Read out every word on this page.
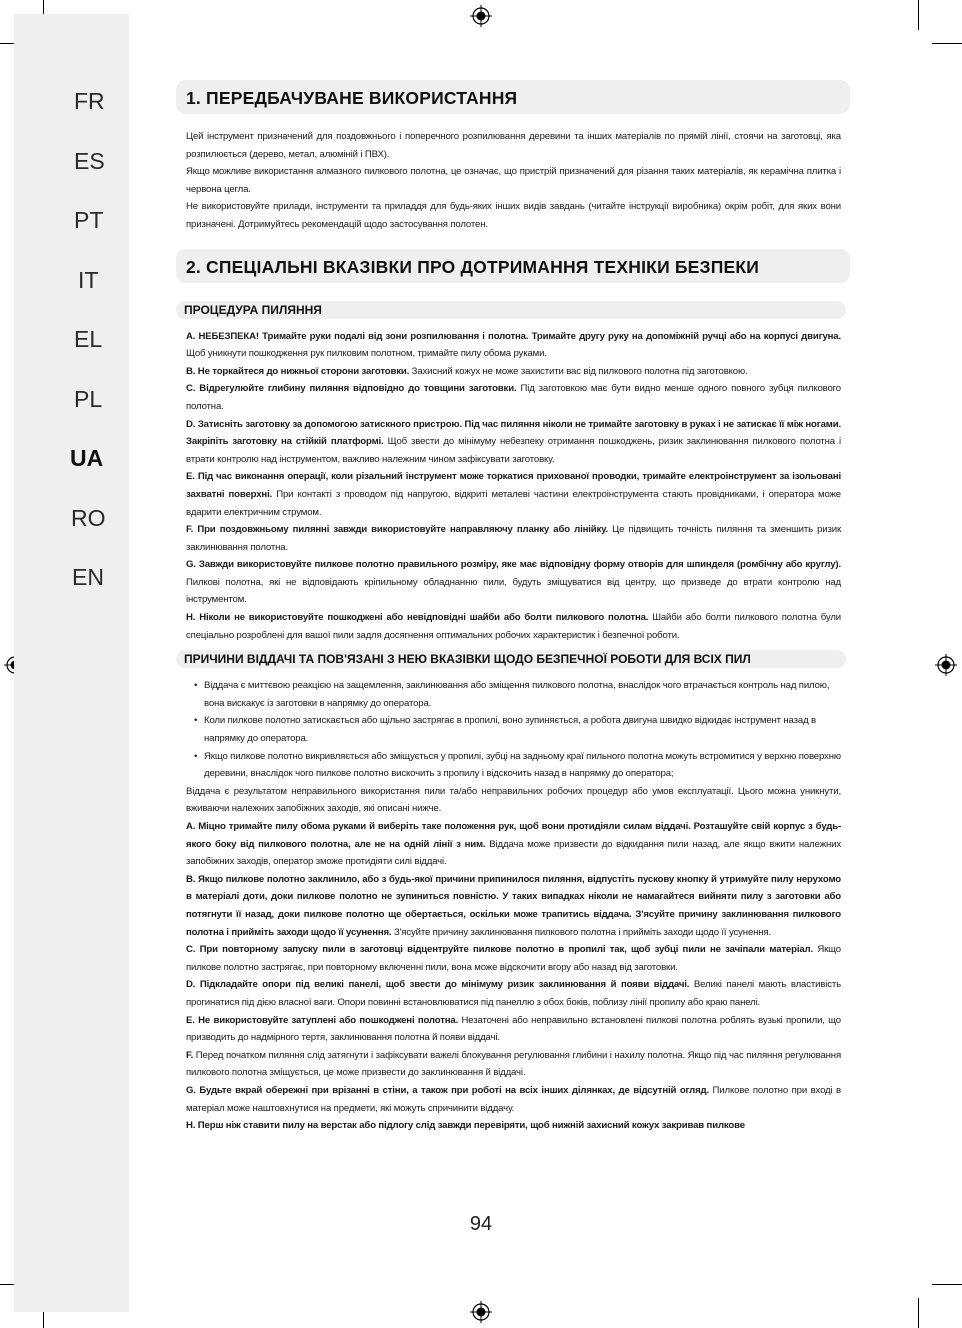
FR
ES
PT
IT
EL
PL
UA
RO
EN
1. ПЕРЕДБАЧУВАНЕ ВИКОРИСТАННЯ
Цей інструмент призначений для поздовжнього і поперечного розпилювання деревини та інших матеріалів по прямій лінії, стоячи на заготовці, яка розпилюється (дерево, метал, алюміній і ПВХ).
Якщо можливе використання алмазного пилкового полотна, це означає, що пристрій призначений для різання таких матеріалів, як керамічна плитка і червона цегла.
Не використовуйте прилади, інструменти та приладдя для будь-яких інших видів завдань (читайте інструкції виробника) окрім робіт, для яких вони призначені. Дотримуйтесь рекомендацій щодо застосування полотен.
2. СПЕЦІАЛЬНІ ВКАЗІВКИ ПРО ДОТРИМАННЯ ТЕХНІКИ БЕЗПЕКИ
ПРОЦЕДУРА ПИЛЯННЯ
A. НЕБЕЗПЕКА! Тримайте руки подалі від зони розпилювання і полотна. Тримайте другу руку на допоміжній ручці або на корпусі двигуна. Щоб уникнути пошкодження рук пилковим полотном, тримайте пилу обома руками.
B. Не торкайтеся до нижньої сторони заготовки. Захисний кожух не може захистити вас від пилкового полотна під заготовкою.
C. Відрегулюйте глибину пиляння відповідно до товщини заготовки. Під заготовкою має бути видно менше одного повного зубця пилкового полотна.
D. Затисніть заготовку за допомогою затискного пристрою. Під час пиляння ніколи не тримайте заготовку в руках і не затискає її між ногами. Закріпіть заготовку на стійкій платформі. Щоб звести до мінімуму небезпеку отримання пошкоджень, ризик заклинювання пилкового полотна і втрати контролю над інструментом, важливо належним чином зафіксувати заготовку.
E. Під час виконання операції, коли різальний інструмент може торкатися прихованої проводки, тримайте електроінструмент за ізольовані захватні поверхні. При контакті з проводом під напругою, відкриті металеві частини електроінструмента стають провідниками, і оператора може вдарити електричним струмом.
F. При поздовжньому пилянні завжди використовуйте направляючу планку або лінійку. Це підвищить точність пиляння та зменшить ризик заклинювання полотна.
G. Завжди використовуйте пилкове полотно правильного розміру, яке має відповідну форму отворів для шпинделя (ромбічну або круглу). Пилкові полотна, які не відповідають кріпильному обладнанню пили, будуть зміщуватися від центру, що призведе до втрати контролю над інструментом.
H. Ніколи не використовуйте пошкоджені або невідповідні шайби або болти пилкового полотна. Шайби або болти пилкового полотна були спеціально розроблені для вашої пили задля досягнення оптимальних робочих характеристик і безпечної роботи.
ПРИЧИНИ ВІДДАЧІ ТА ПОВ'ЯЗАНІ З НЕЮ ВКАЗІВКИ ЩОДО БЕЗПЕЧНОЇ РОБОТИ ДЛЯ ВСІХ ПИЛ
• Віддача є миттєвою реакцією на защемлення, заклинювання або зміщення пилкового полотна, внаслідок чого втрачається контроль над пилою, вона вискакує із заготовки в напрямку до оператора.
• Коли пилкове полотно затискається або щільно застрягає в пропилі, воно зупиняється, а робота двигуна швидко відкидає інструмент назад в напрямку до оператора.
• Якщо пилкове полотно викривляється або зміщується у пропилі, зубці на задньому краї пильного полотна можуть встромитися у верхню поверхню деревини, внаслідок чого пилкове полотно вискочить з пропилу і відскочить назад в напрямку до оператора;
Віддача є результатом неправильного використання пили та/або неправильних робочих процедур або умов експлуатації. Цього можна уникнути, вживаючи належних запобіжних заходів, які описані нижче.
A. Міцно тримайте пилу обома руками й виберіть таке положення рук, щоб вони протидіяли силам віддачі. Розташуйте свій корпус з будь-якого боку від пилкового полотна, але не на одній лінії з ним. Віддача може призвести до відкидання пили назад, але якщо вжити належних запобіжних заходів, оператор зможе протидіяти силі віддачі.
B. Якщо пилкове полотно заклинило, або з будь-якої причини припинилося пиляння, відпустіть пускову кнопку й утримуйте пилу нерухомо в матеріалі доти, доки пилкове полотно не зупиниться повністю. У таких випадках ніколи не намагайтеся вийняти пилу з заготовки або потягнути її назад, доки пилкове полотно ще обертається, оскільки може трапитись віддача. З'ясуйте причину заклинювання пилкового полотна і прийміть заходи щодо її усунення. З'ясуйте причину заклинювання пилкового полотна і прийміть заходи щодо її усунення.
C. При повторному запуску пили в заготовці відцентруйте пилкове полотно в пропилі так, щоб зубці пили не зачіпали матеріал. Якщо пилкове полотно застрягає, при повторному включенні пили, вона може відскочити вгору або назад від заготовки.
D. Підкладайте опори під великі панелі, щоб звести до мінімуму ризик заклинювання й появи віддачі. Великі панелі мають властивість прогинатися під дією власної ваги. Опори повинні встановлюватися під панеллю з обох боків, поблизу лінії пропилу або краю панелі.
E. Не використовуйте затуплені або пошкоджені полотна. Незаточені або неправильно встановлені пилкові полотна роблять вузькі пропили, що призводить до надмірного тертя, заклинювання полотна й появи віддачі.
F. Перед початком пиляння слід затягнути і зафіксувати важелі блокування регулювання глибини і нахилу полотна. Якщо під час пиляння регулювання пилкового полотна зміщується, це може призвести до заклинювання й віддачі.
G. Будьте вкрай обережні при врізанні в стіни, а також при роботі на всіх інших ділянках, де відсутній огляд. Пилкове полотно при вході в матеріал може наштовхнутися на предмети, які можуть спричинити віддачу.
H. Перш ніж ставити пилу на верстак або підлогу слід завжди перевіряти, щоб нижній захисний кожух закривав пилкове
94
